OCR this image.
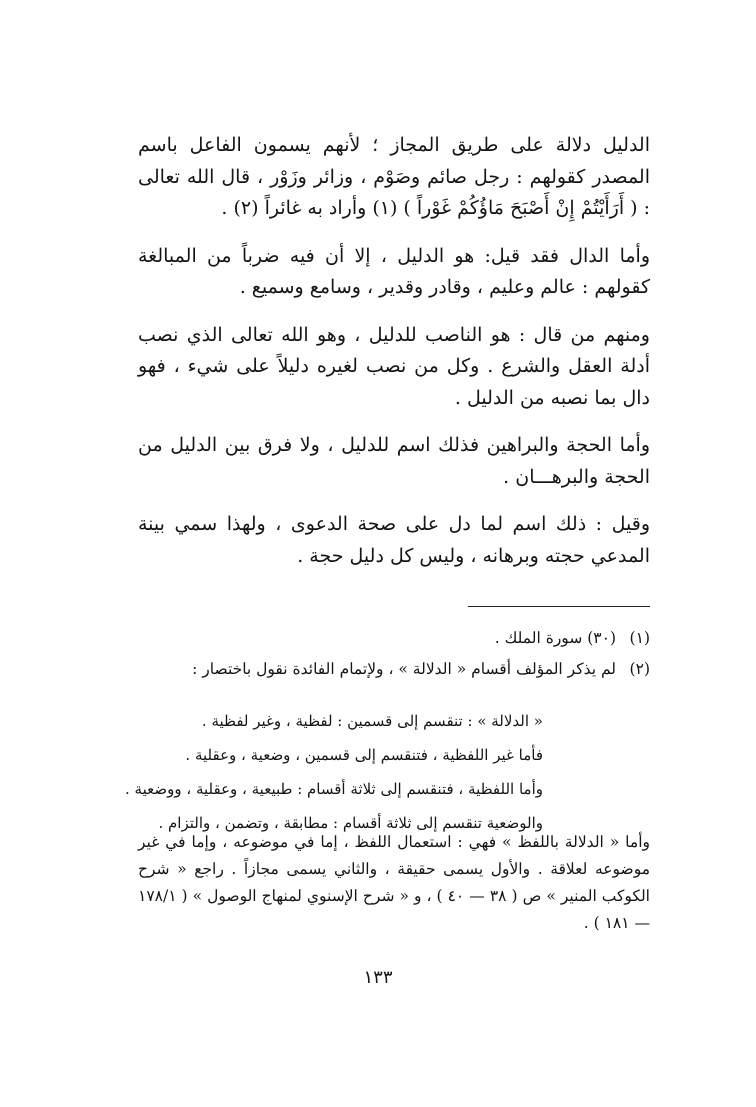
الدليل دلالة على طريق المجاز ؛ لأنهم يسمون الفاعل باسم المصدر كقولهم : رجل صائم وصَوْم ، وزائر وزَوْر ، قال الله تعالى : ( أَرَأَيْتُمْ إِنْ أَصْبَحَ مَاؤُكُمْ غَوْراً ) (١) وأراد به غائراً (٢) .

وأما الدال فقد قيل: هو الدليل ، إلا أن فيه ضرباً من المبالغة كقولهم : عالم وعليم ، وقادر وقدير ، وسامع وسميع .

ومنهم من قال : هو الناصب للدليل ، وهو الله تعالى الذي نصب أدلة العقل والشرع . وكل من نصب لغيره دليلاً على شيء ، فهو دال بما نصبه من الدليل .

وأما الحجة والبراهين فذلك اسم للدليل ، ولا فرق بين الدليل من الحجة والبرهـــان .

وقيل : ذلك اسم لما دل على صحة الدعوى ، ولهذا سمي بينة المدعي حجته وبرهانه ، وليس كل دليل حجة .

(١)
(٣٠) سورة الملك .
(٢)
لم يذكر المؤلف أقسام « الدلالة » ، ولإتمام الفائدة نقول باختصار :
« الدلالة » : تنقسم إلى قسمين : لفظية ، وغير لفظية .
فأما غير اللفظية ، فتنقسم إلى قسمين ، وضعية ، وعقلية .
وأما اللفظية ، فتنقسم إلى ثلاثة أقسام : طبيعية ، وعقلية ، ووضعية .
والوضعية تنقسم إلى ثلاثة أقسام : مطابقة ، وتضمن ، والتزام .
وأما « الدلالة باللفظ » فهي : استعمال اللفظ ، إما في موضوعه ، وإما في غير موضوعه لعلاقة . والأول يسمى حقيقة ، والثاني يسمى مجازاً . راجع « شرح الكوكب المنير » ص ( ٣٨ — ٤٠ ) ، و « شرح الإسنوي لمنهاج الوصول » ( ١٧٨/١ — ١٨١ ) .
١٣٣
